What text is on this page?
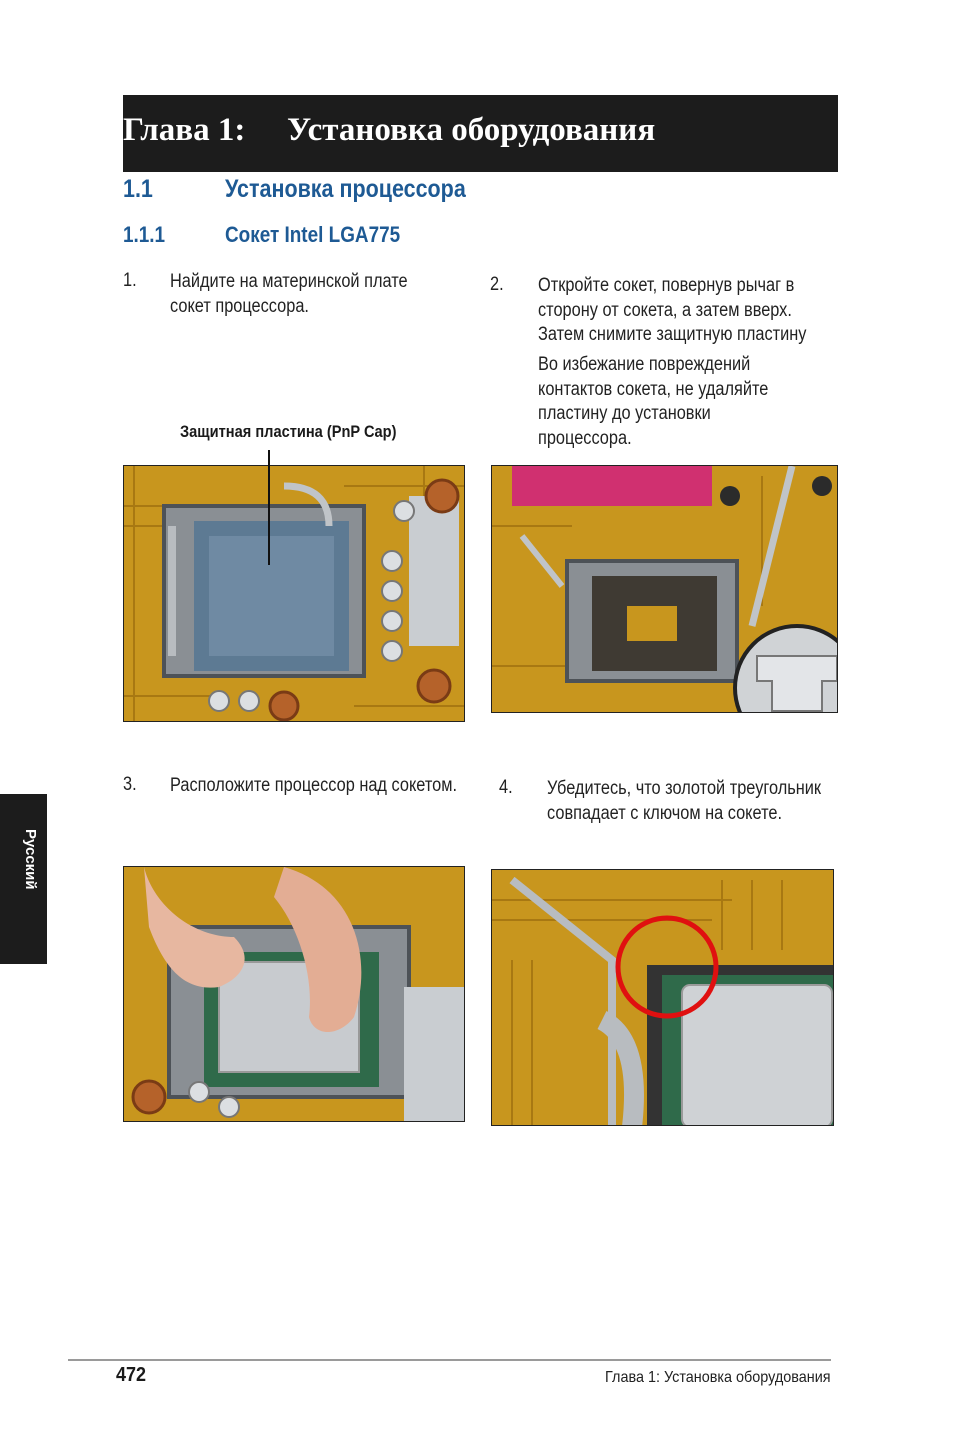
Глава 1: Установка оборудования
1.1	Установка процессора
1.1.1	Сокет Intel LGA775
1. Найдите на материнской плате сокет процессора.
2. Откройте сокет, повернув рычаг в сторону от сокета, а затем вверх. Затем снимите защитную пластину
Во избежание повреждений контактов сокета, не удаляйте пластину до установки процессора.
Защитная пластина (PnP Cap)
3. Расположите процессор над сокетом.	4. Убедитесь, что золотой треугольник совпадает с ключом на сокете.
Русский
472	Глава 1: Установка оборудования
